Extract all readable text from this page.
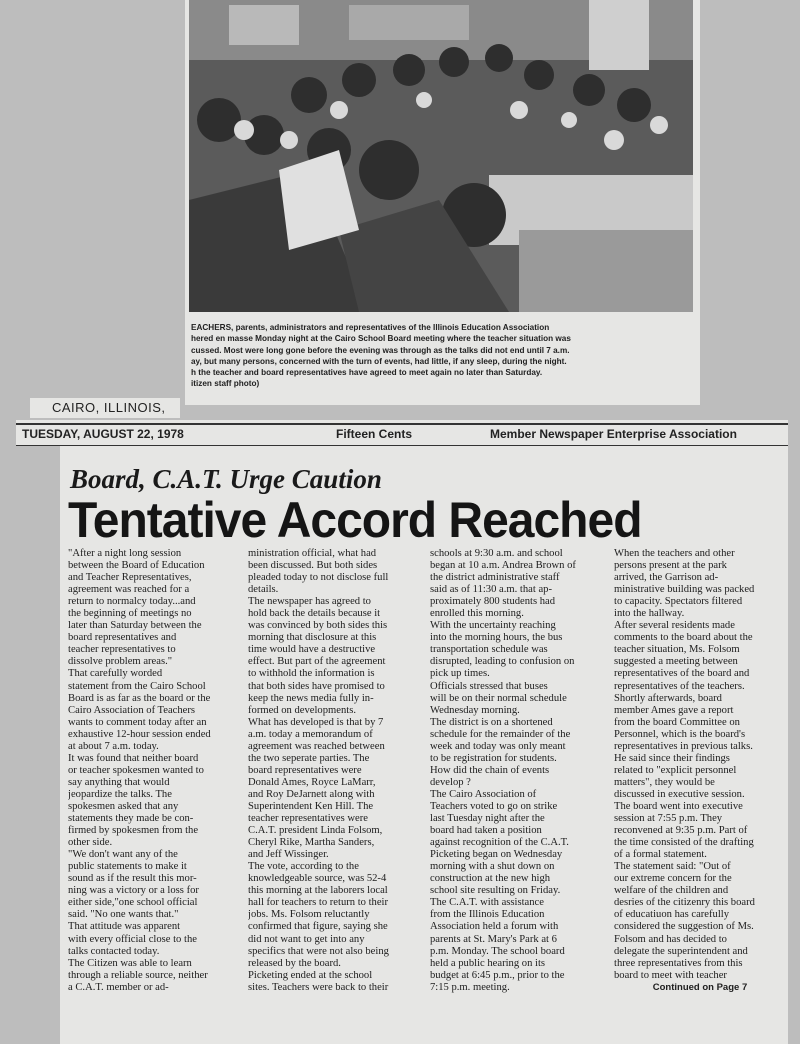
EACHERS, parents, administrators and representatives of the Illinois Education Association
hered en masse Monday night at the Cairo School Board meeting where the teacher situation was
cussed. Most were long gone before the evening was through as the talks did not end until 7 a.m.
ay, but many persons, concerned with the turn of events, had little, if any sleep, during the night.
h the teacher and board representatives have agreed to meet again no later than Saturday.
itizen staff photo)
CAIRO, ILLINOIS,
TUESDAY, AUGUST 22, 1978	Fifteen Cents	Member Newspaper Enterprise Association
Board, C.A.T. Urge Caution
Tentative Accord Reached
"After a night long session
between the Board of Education
and Teacher Representatives,
agreement was reached for a
return to normalcy today...and
the beginning of meetings no
later than Saturday between the
board representatives and
teacher representatives to
dissolve problem areas."
That carefully worded
statement from the Cairo School
Board is as far as the board or the
Cairo Association of Teachers
wants to comment today after an
exhaustive 12-hour session ended
at about 7 a.m. today.
It was found that neither board
or teacher spokesmen wanted to
say anything that would
jeopardize the talks. The
spokesmen asked that any
statements they made be con-
firmed by spokesmen from the
other side.
"We don't want any of the
public statements to make it
sound as if the result this mor-
ning was a victory or a loss for
either side,"one school official
said. "No one wants that."
That attitude was apparent
with every official close to the
talks contacted today.
The Citizen was able to learn
through a reliable source, neither
a C.A.T. member or ad-
ministration official, what had
been discussed. But both sides
pleaded today to not disclose full
details.
The newspaper has agreed to
hold back the details because it
was convinced by both sides this
morning that disclosure at this
time would have a destructive
effect. But part of the agreement
to withhold the information is
that both sides have promised to
keep the news media fully in-
formed on developments.
What has developed is that by 7
a.m. today a memorandum of
agreement was reached between
the two seperate parties. The
board representatives were
Donald Ames, Royce LaMarr,
and Roy DeJarnett along with
Superintendent Ken Hill. The
teacher representatives were
C.A.T. president Linda Folsom,
Cheryl Rike, Martha Sanders,
and Jeff Wissinger.
The vote, according to the
knowledgeable source, was 52-4
this morning at the laborers local
hall for teachers to return to their
jobs. Ms. Folsom reluctantly
confirmed that figure, saying she
did not want to get into any
specifics that were not also being
released by the board.
Picketing ended at the school
sites. Teachers were back to their
schools at 9:30 a.m. and school
began at 10 a.m. Andrea Brown of
the district administrative staff
said as of 11:30 a.m. that ap-
proximately 800 students had
enrolled this morning.
With the uncertainty reaching
into the morning hours, the bus
transportation schedule was
disrupted, leading to confusion on
pick up times.
Officials stressed that buses
will be on their normal schedule
Wednesday morning.
The district is on a shortened
schedule for the remainder of the
week and today was only meant
to be registration for students.
How did the chain of events
develop ?
The Cairo Association of
Teachers voted to go on strike
last Tuesday night after the
board had taken a position
against recognition of the C.A.T.
Picketing began on Wednesday
morning with a shut down on
construction at the new high
school site resulting on Friday.
The C.A.T. with assistance
from the Illinois Education
Association held a forum with
parents at St. Mary's Park at 6
p.m. Monday. The school board
held a public hearing on its
budget at 6:45 p.m., prior to the
7:15 p.m. meeting.
When the teachers and other
persons present at the park
arrived, the Garrison ad-
ministrative building was packed
to capacity. Spectators filtered
into the hallway.
After several residents made
comments to the board about the
teacher situation, Ms. Folsom
suggested a meeting between
representatives of the board and
representatives of the teachers.
Shortly afterwards, board
member Ames gave a report
from the board Committee on
Personnel, which is the board's
representatives in previous talks.
He said since their findings
related to "explicit personnel
matters", they would be
discussed in executive session.
The board went into executive
session at 7:55 p.m. They
reconvened at 9:35 p.m. Part of
the time consisted of the drafting
of a formal statement.
The statement said: "Out of
our extreme concern for the
welfare of the children and
desries of the citizenry this board
of educatiuon has carefully
considered the suggestion of Ms.
Folsom and has decided to
delegate the superintendent and
three representatives from this
board to meet with teacher
Continued on Page 7
